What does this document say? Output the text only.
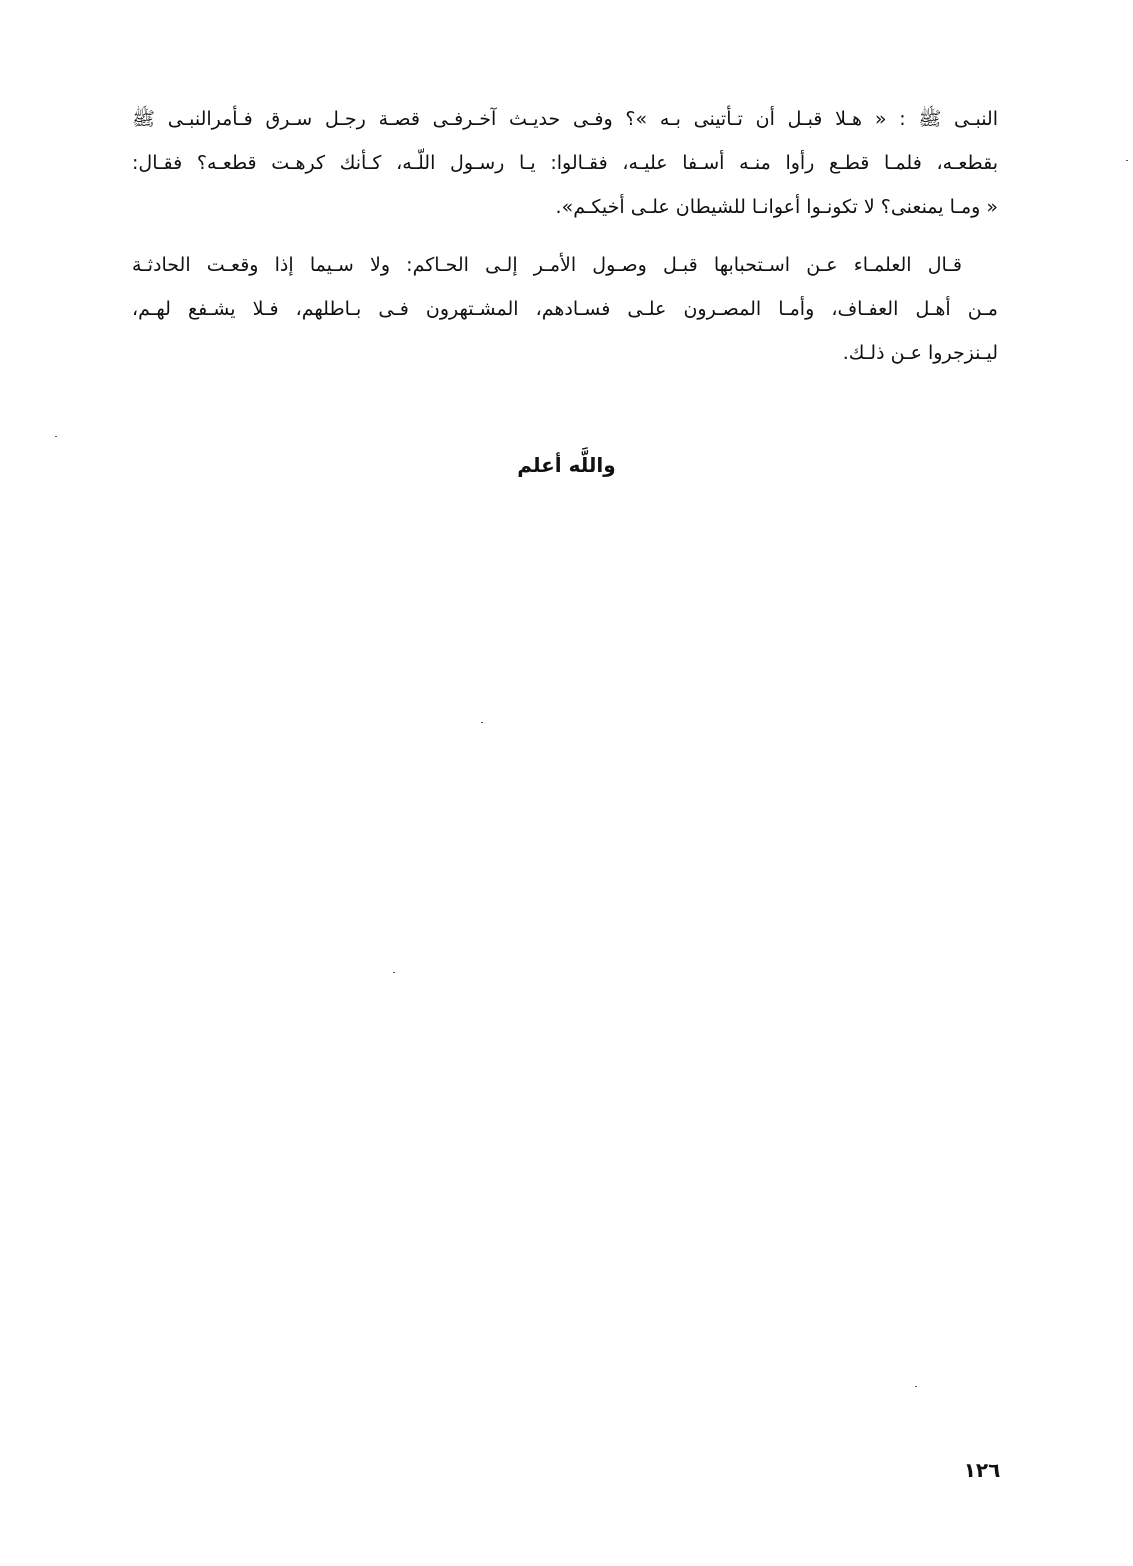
النبـى ﷺ : « هـلا قبـل أن تـأتينى بـه »؟ وفـى حديـث آخـرفـى قصـة رجـل سـرق فـأمرالنبـى ﷺ
بقطعـه، فلمـا قطـع رأوا منـه أسـفا عليـه، فقـالوا: يـا رسـول اللّـه، كـأنك كرهـت قطعـه؟ فقـال:
« ومـا يمنعنى؟ لا تكونـوا أعوانـا للشيطان علـى أخيكـم».
قـال العلمـاء عـن اسـتحبابها قبـل وصـول الأمـر إلـى الحـاكم: ولا سـيما إذا وقعـت الحادثـة
مـن أهـل العفـاف، وأمـا المصـرون علـى فسـادهم، المشـتهرون فـى بـاطلهم، فـلا يشـفع لهـم،
ليـنزجروا عـن ذلـك.
واللَّه أعلم
١٢٦
